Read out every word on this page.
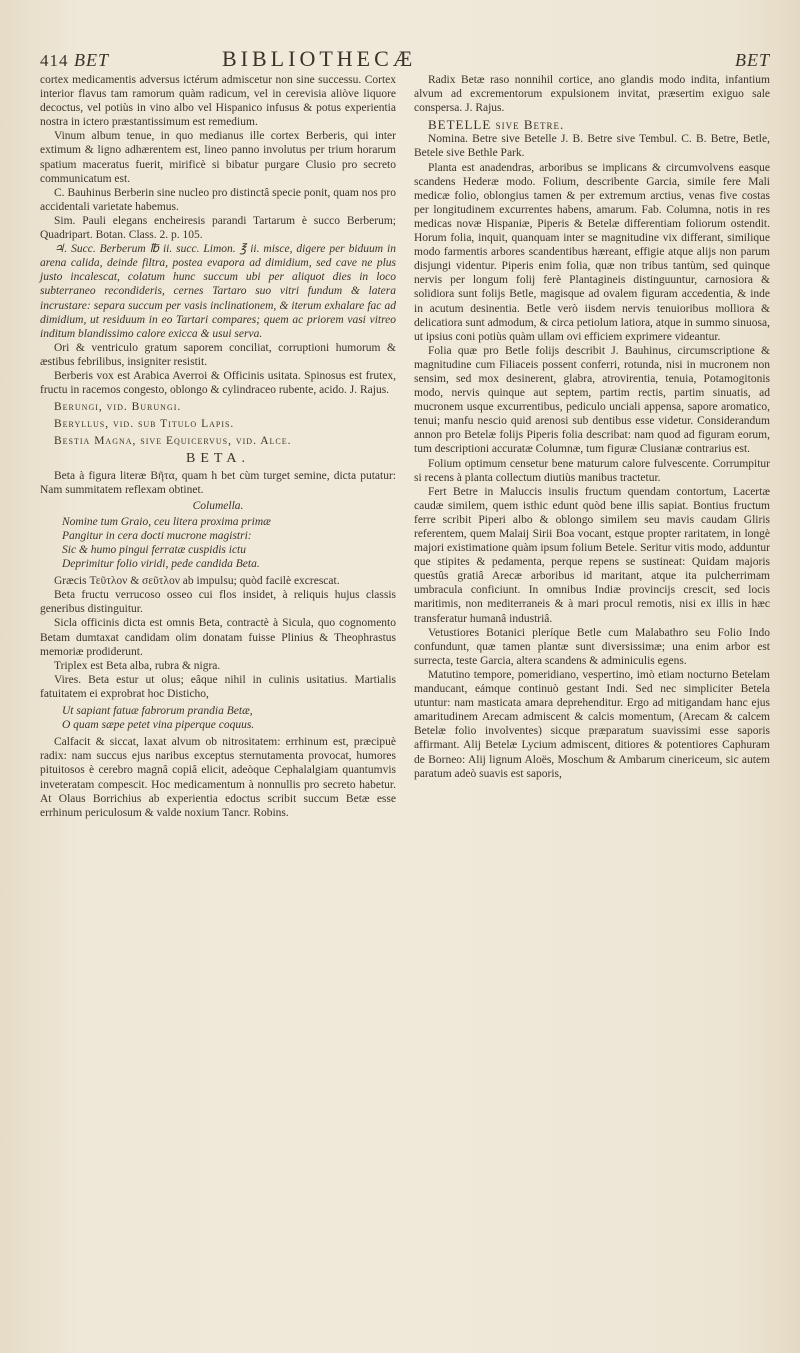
414 BET	BIBLIOTHECÆ	BET

cortex medicamentis adversus ictérum admiscetur non sine successu. Cortex interior flavus tam ramorum quàm radicum, vel in cerevisia aliòve liquore decoctus, vel potiùs in vino albo vel Hispanico infusus & potus experientia nostra in ictero præstantissimum est remedium.

Vinum album tenue, in quo medianus ille cortex Berberis, qui inter extimum & ligno adhærentem est, lineo panno involutus per trium horarum spatium maceratus fuerit, mirificè si bibatur purgare Clusio pro secreto communicatum est.

C. Bauhinus Berberin sine nucleo pro distinctâ specie ponit, quam nos pro accidentali varietate habemus.

Sim. Pauli elegans encheiresis parandi Tartarum è succo Berberum; Quadripart. Botan. Class. 2. p. 105.

♃. Succ. Berberum ℔ ii. succ. Limon. ℥ ii. misce, digere per biduum in arena calida, deinde filtra, postea evapora ad dimidium, sed cave ne plus justo incalescat, colatum hunc succum ubi per aliquot dies in loco subterraneo recondideris, cernes Tartaro suo vitri fundum & latera incrustare: separa succum per vasis inclinationem, & iterum exhalare fac ad dimidium, ut residuum in eo Tartari compares; quem ac priorem vasi vitreo inditum blandissimo calore exicca & usui serva.

Ori & ventriculo gratum saporem conciliat, corruptioni humorum & æstibus febrilibus, insigniter resistit.

Berberis vox est Arabica Averroi & Officinis usitata. Spinosus est frutex, fructu in racemos congesto, oblongo & cylindraceo rubente, acido. J. Rajus.

Berungi, vid. Burungi.

Beryllus, vid. sub Titulo Lapis.

Bestia Magna, sive Equicervus, vid. Alce.

BETA.

Beta à figura literæ Βῆτα, quam h bet cùm turget semine, dicta putatur: Nam summitatem reflexam obtinet.

Columella.

Nomine tum Graio, ceu litera proxima primæ

Pangitur in cera docti mucrone magistri:

Sic & humo pingui ferratæ cuspidis ictu

Deprimitur folio viridi, pede candida Beta.

Græcis Τεῦτλον & σεῦτλον ab impulsu; quòd facilè excrescat.

Beta fructu verrucoso osseo cui flos insidet, à reliquis hujus classis generibus distinguitur.

Sicla officinis dicta est omnis Beta, contractè à Sicula, quo cognomento Betam dumtaxat candidam olim donatam fuisse Plinius & Theophrastus memoriæ prodiderunt.

Triplex est Beta alba, rubra & nigra.

Vires. Beta estur ut olus; eâque nihil in culinis usitatius. Martialis fatuitatem ei exprobrat hoc Disticho,

Ut sapiant fatuæ fabrorum prandia Betæ,

O quam sæpe petet vina piperque coquus.

Calfacit & siccat, laxat alvum ob nitrositatem: errhinum est, præcipuè radix: nam succus ejus naribus exceptus sternutamenta provocat, humores pituitosos è cerebro magnâ copiâ elicit, adeòque Cephalalgiam quantumvis inveteratam compescit. Hoc medicamentum à nonnullis pro secreto habetur. At Olaus Borrichius ab experientia edoctus scribit succum Betæ esse errhinum periculosum & valde noxium Tancr. Robins.

Radix Betæ raso nonnihil cortice, ano glandis modo indita, infantium alvum ad excrementorum expulsionem invitat, præsertim exiguo sale conspersa. J. Rajus.

BETELLE sive Betre.

Nomina. Betre sive Betelle J. B. Betre sive Tembul. C. B. Betre, Betle, Betele sive Bethle Park.

Planta est anadendras, arboribus se implicans & circumvolvens easque scandens Hederæ modo. Folium, describente Garcia, simile fere Mali medicæ folio, oblongius tamen & per extremum arctius, venas five costas per longitudinem excurrentes habens, amarum. Fab. Columna, notis in res medicas novæ Hispaniæ, Piperis & Betelæ differentiam foliorum ostendit. Horum folia, inquit, quanquam inter se magnitudine vix differant, similique modo farmentis arbores scandentibus hæreant, effigie atque alijs non parum disjungi videntur. Piperis enim folia, quæ non tribus tantùm, sed quinque nervis per longum folij ferè Plantagineis distinguuntur, carnosiora & solidiora sunt folijs Betle, magisque ad ovalem figuram accedentia, & inde in acutum desinentia. Betle verò iisdem nervis tenuioribus molliora & delicatiora sunt admodum, & circa petiolum latiora, atque in summo sinuosa, ut ipsius coni potiùs quàm ullam ovi efficiem exprimere videantur.

Folia quæ pro Betle folijs describit J. Bauhinus, circumscriptione & magnitudine cum Filiaceis possent conferri, rotunda, nisi in mucronem non sensim, sed mox desinerent, glabra, atrovirentia, tenuia, Potamogitonis modo, nervis quinque aut septem, partim rectis, partim sinuatis, ad mucronem usque excurrentibus, pediculo unciali appensa, sapore aromatico, tenui; manfu nescio quid arenosi sub dentibus esse videtur. Considerandum annon pro Betelæ folijs Piperis folia describat: nam quod ad figuram eorum, tum descriptioni accuratæ Columnæ, tum figuræ Clusianæ contrarius est.

Folium optimum censetur bene maturum calore fulvescente. Corrumpitur si recens à planta collectum diutiùs manibus tractetur.

Fert Betre in Maluccis insulis fructum quendam contortum, Lacertæ caudæ similem, quem isthic edunt quòd bene illis sapiat. Bontius fructum ferre scribit Piperi albo & oblongo similem seu mavis caudam Gliris referentem, quem Malaij Sirii Boa vocant, estque propter raritatem, in longè majori existimatione quàm ipsum folium Betele. Seritur vitis modo, adduntur que stipites & pedamenta, perque repens se sustineat: Quidam majoris questûs gratiâ Arecæ arboribus id maritant, atque ita pulcherrimam umbracula conficiunt. In omnibus Indiæ provincijs crescit, sed locis maritimis, non mediterraneis & à mari procul remotis, nisi ex illis in hæc transferatur humanâ industriâ.

Vetustiores Botanici pleríque Betle cum Malabathro seu Folio Indo confundunt, quæ tamen plantæ sunt diversissimæ; una enim arbor est surrecta, teste Garcia, altera scandens & adminiculis egens.

Matutino tempore, pomeridiano, vespertino, imò etiam nocturno Betelam manducant, eámque continuò gestant Indi. Sed nec simpliciter Betela utuntur: nam masticata amara deprehenditur. Ergo ad mitigandam hanc ejus amaritudinem Arecam admiscent & calcis momentum, (Arecam & calcem Betelæ folio involventes) sicque præparatum suavissimi esse saporis affirmant. Alij Betelæ Lycium admiscent, ditiores & potentiores Caphuram de Borneo: Alij lignum Aloës, Moschum & Ambarum cinericeum, sic autem paratum adeò suavis est saporis,
